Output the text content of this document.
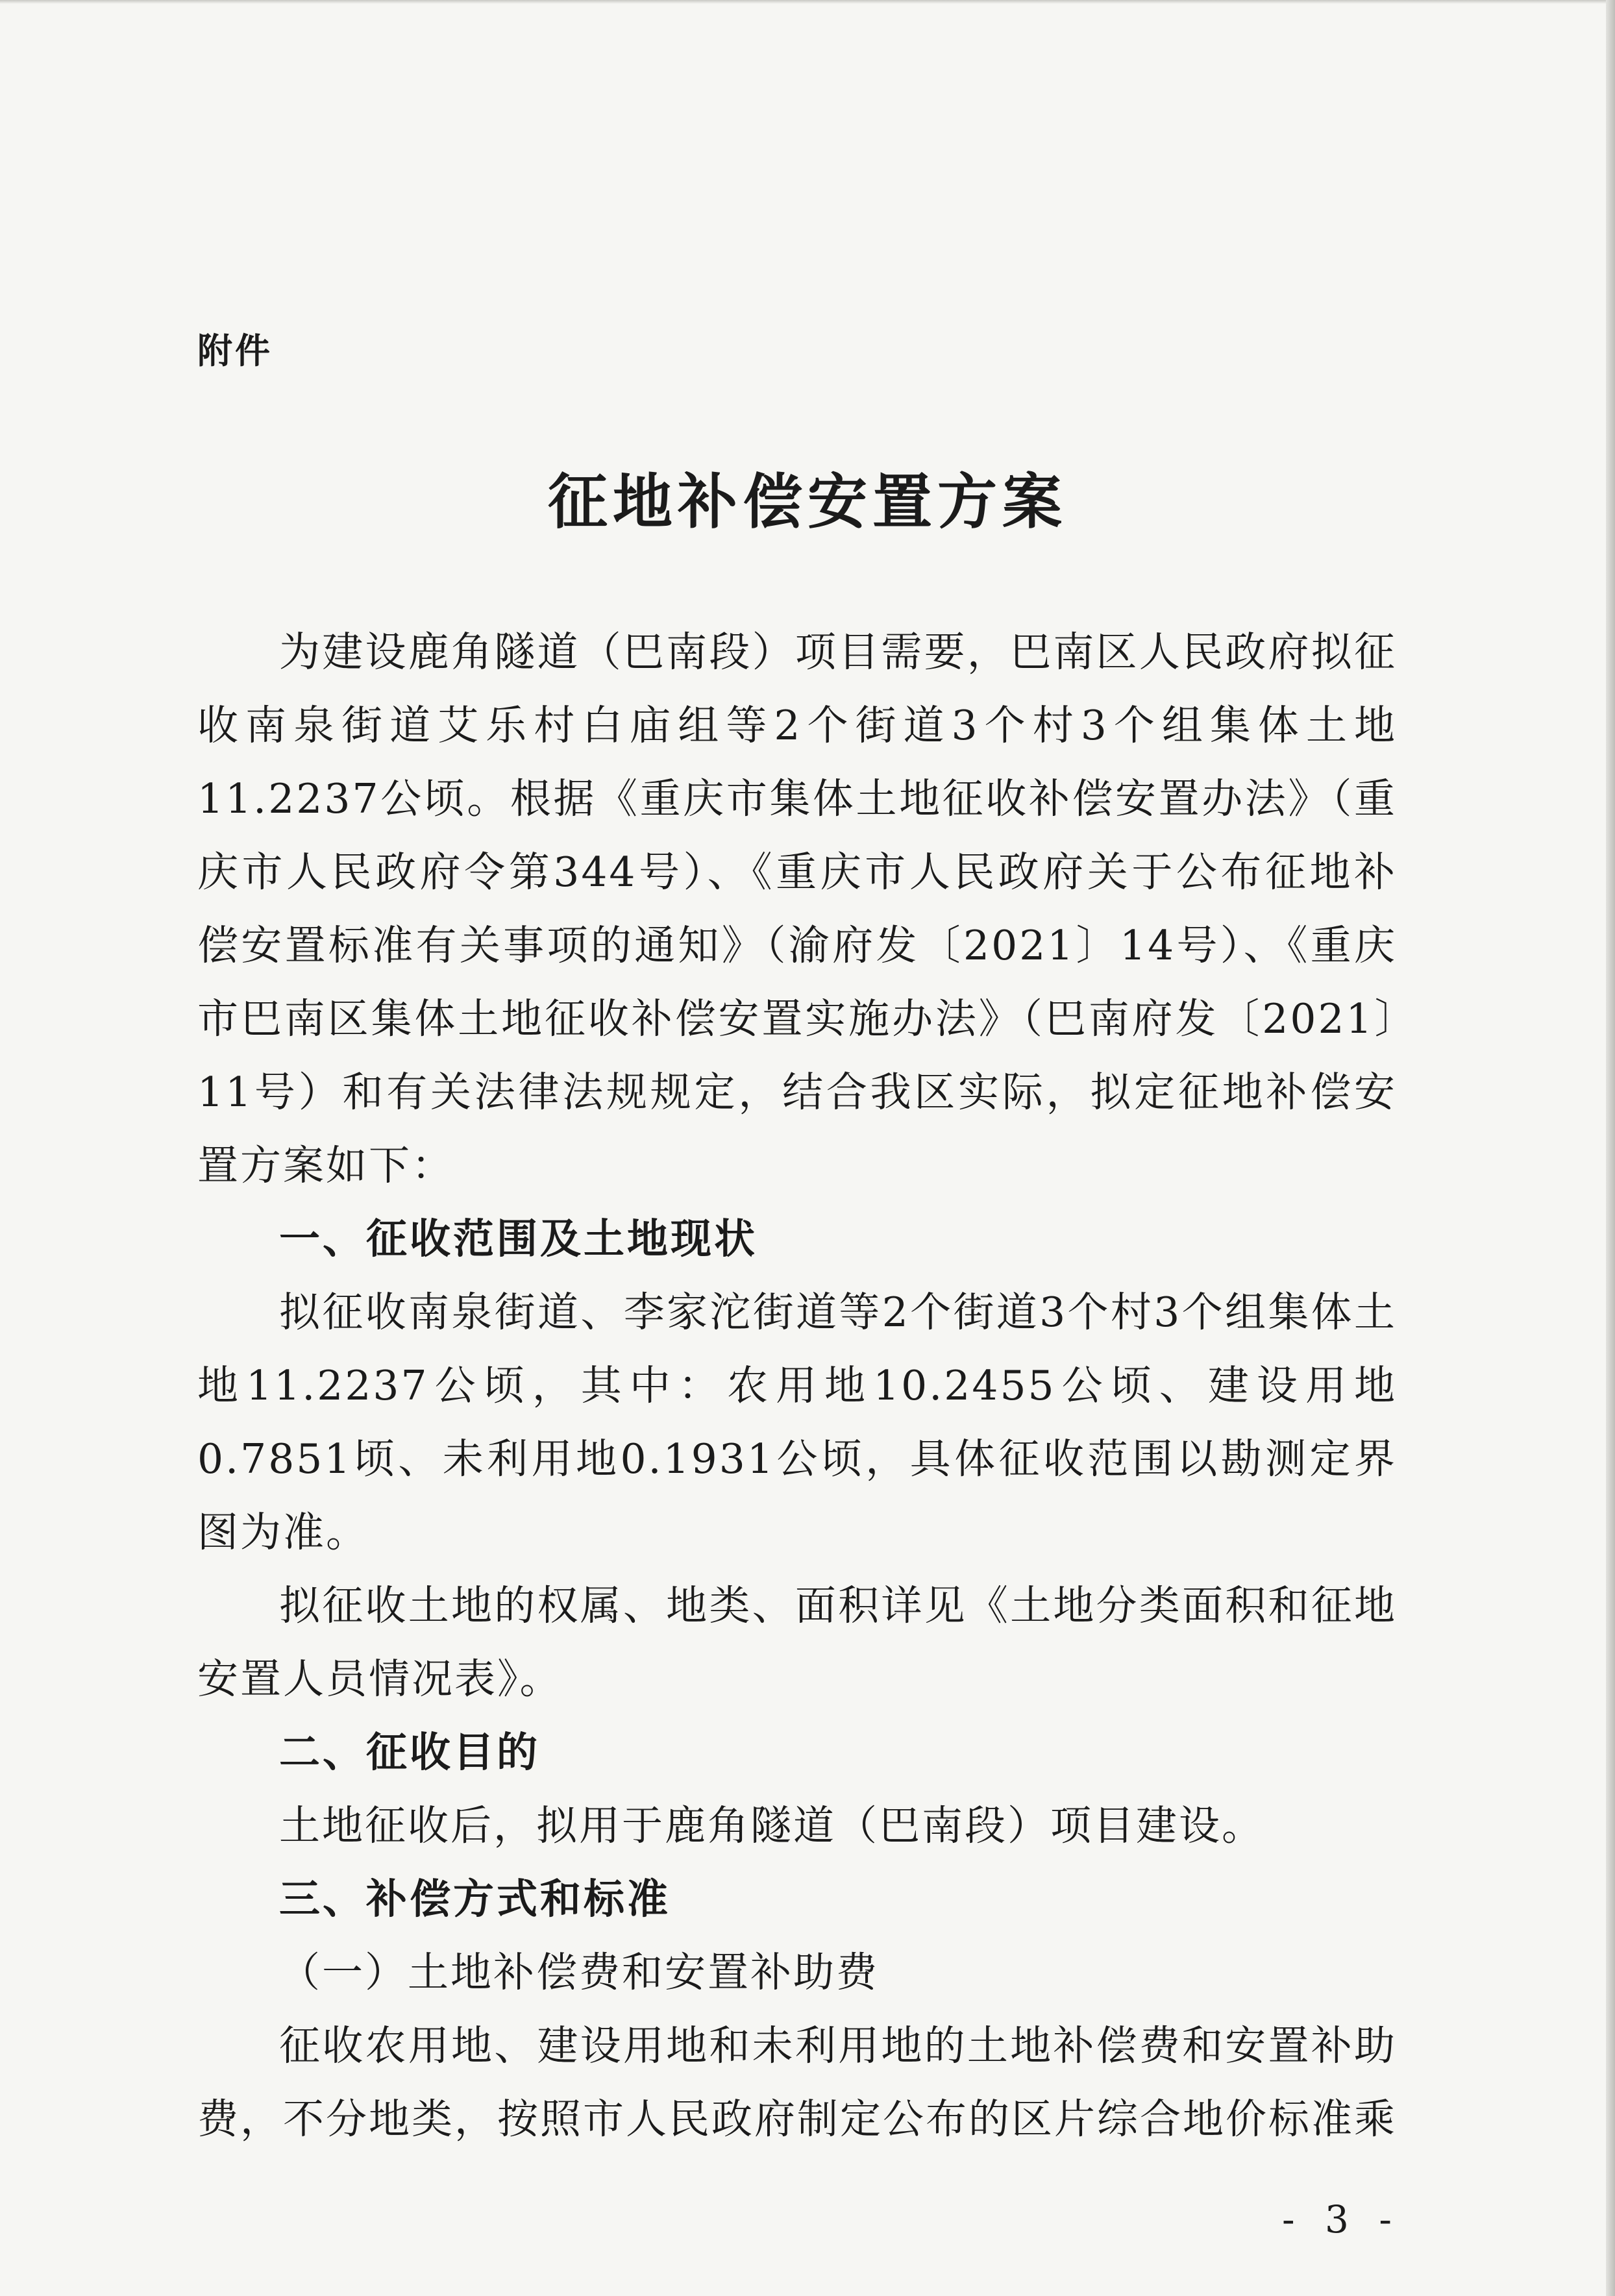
附件
征地补偿安置方案

为建设鹿角隧道（巴南段）项目需要，巴南区人民政府拟征收南泉街道艾乐村白庙组等2个街道3个村3个组集体土地11.2237公顷。根据《重庆市集体土地征收补偿安置办法》（重庆市人民政府令第344号）、《重庆市人民政府关于公布征地补偿安置标准有关事项的通知》（渝府发〔2021〕14号）、《重庆市巴南区集体土地征收补偿安置实施办法》（巴南府发〔2021〕11号）和有关法律法规规定，结合我区实际，拟定征地补偿安置方案如下：

一、征收范围及土地现状

拟征收南泉街道、李家沱街道等2个街道3个村3个组集体土地11.2237公顷，其中：农用地10.2455公顷、建设用地0.7851顷、未利用地0.1931公顷，具体征收范围以勘测定界图为准。

拟征收土地的权属、地类、面积详见《土地分类面积和征地安置人员情况表》。

二、征收目的

土地征收后，拟用于鹿角隧道（巴南段）项目建设。

三、补偿方式和标准

（一）土地补偿费和安置补助费

征收农用地、建设用地和未利用地的土地补偿费和安置补助费，不分地类，按照市人民政府制定公布的区片综合地价标准乘

- 3 -
